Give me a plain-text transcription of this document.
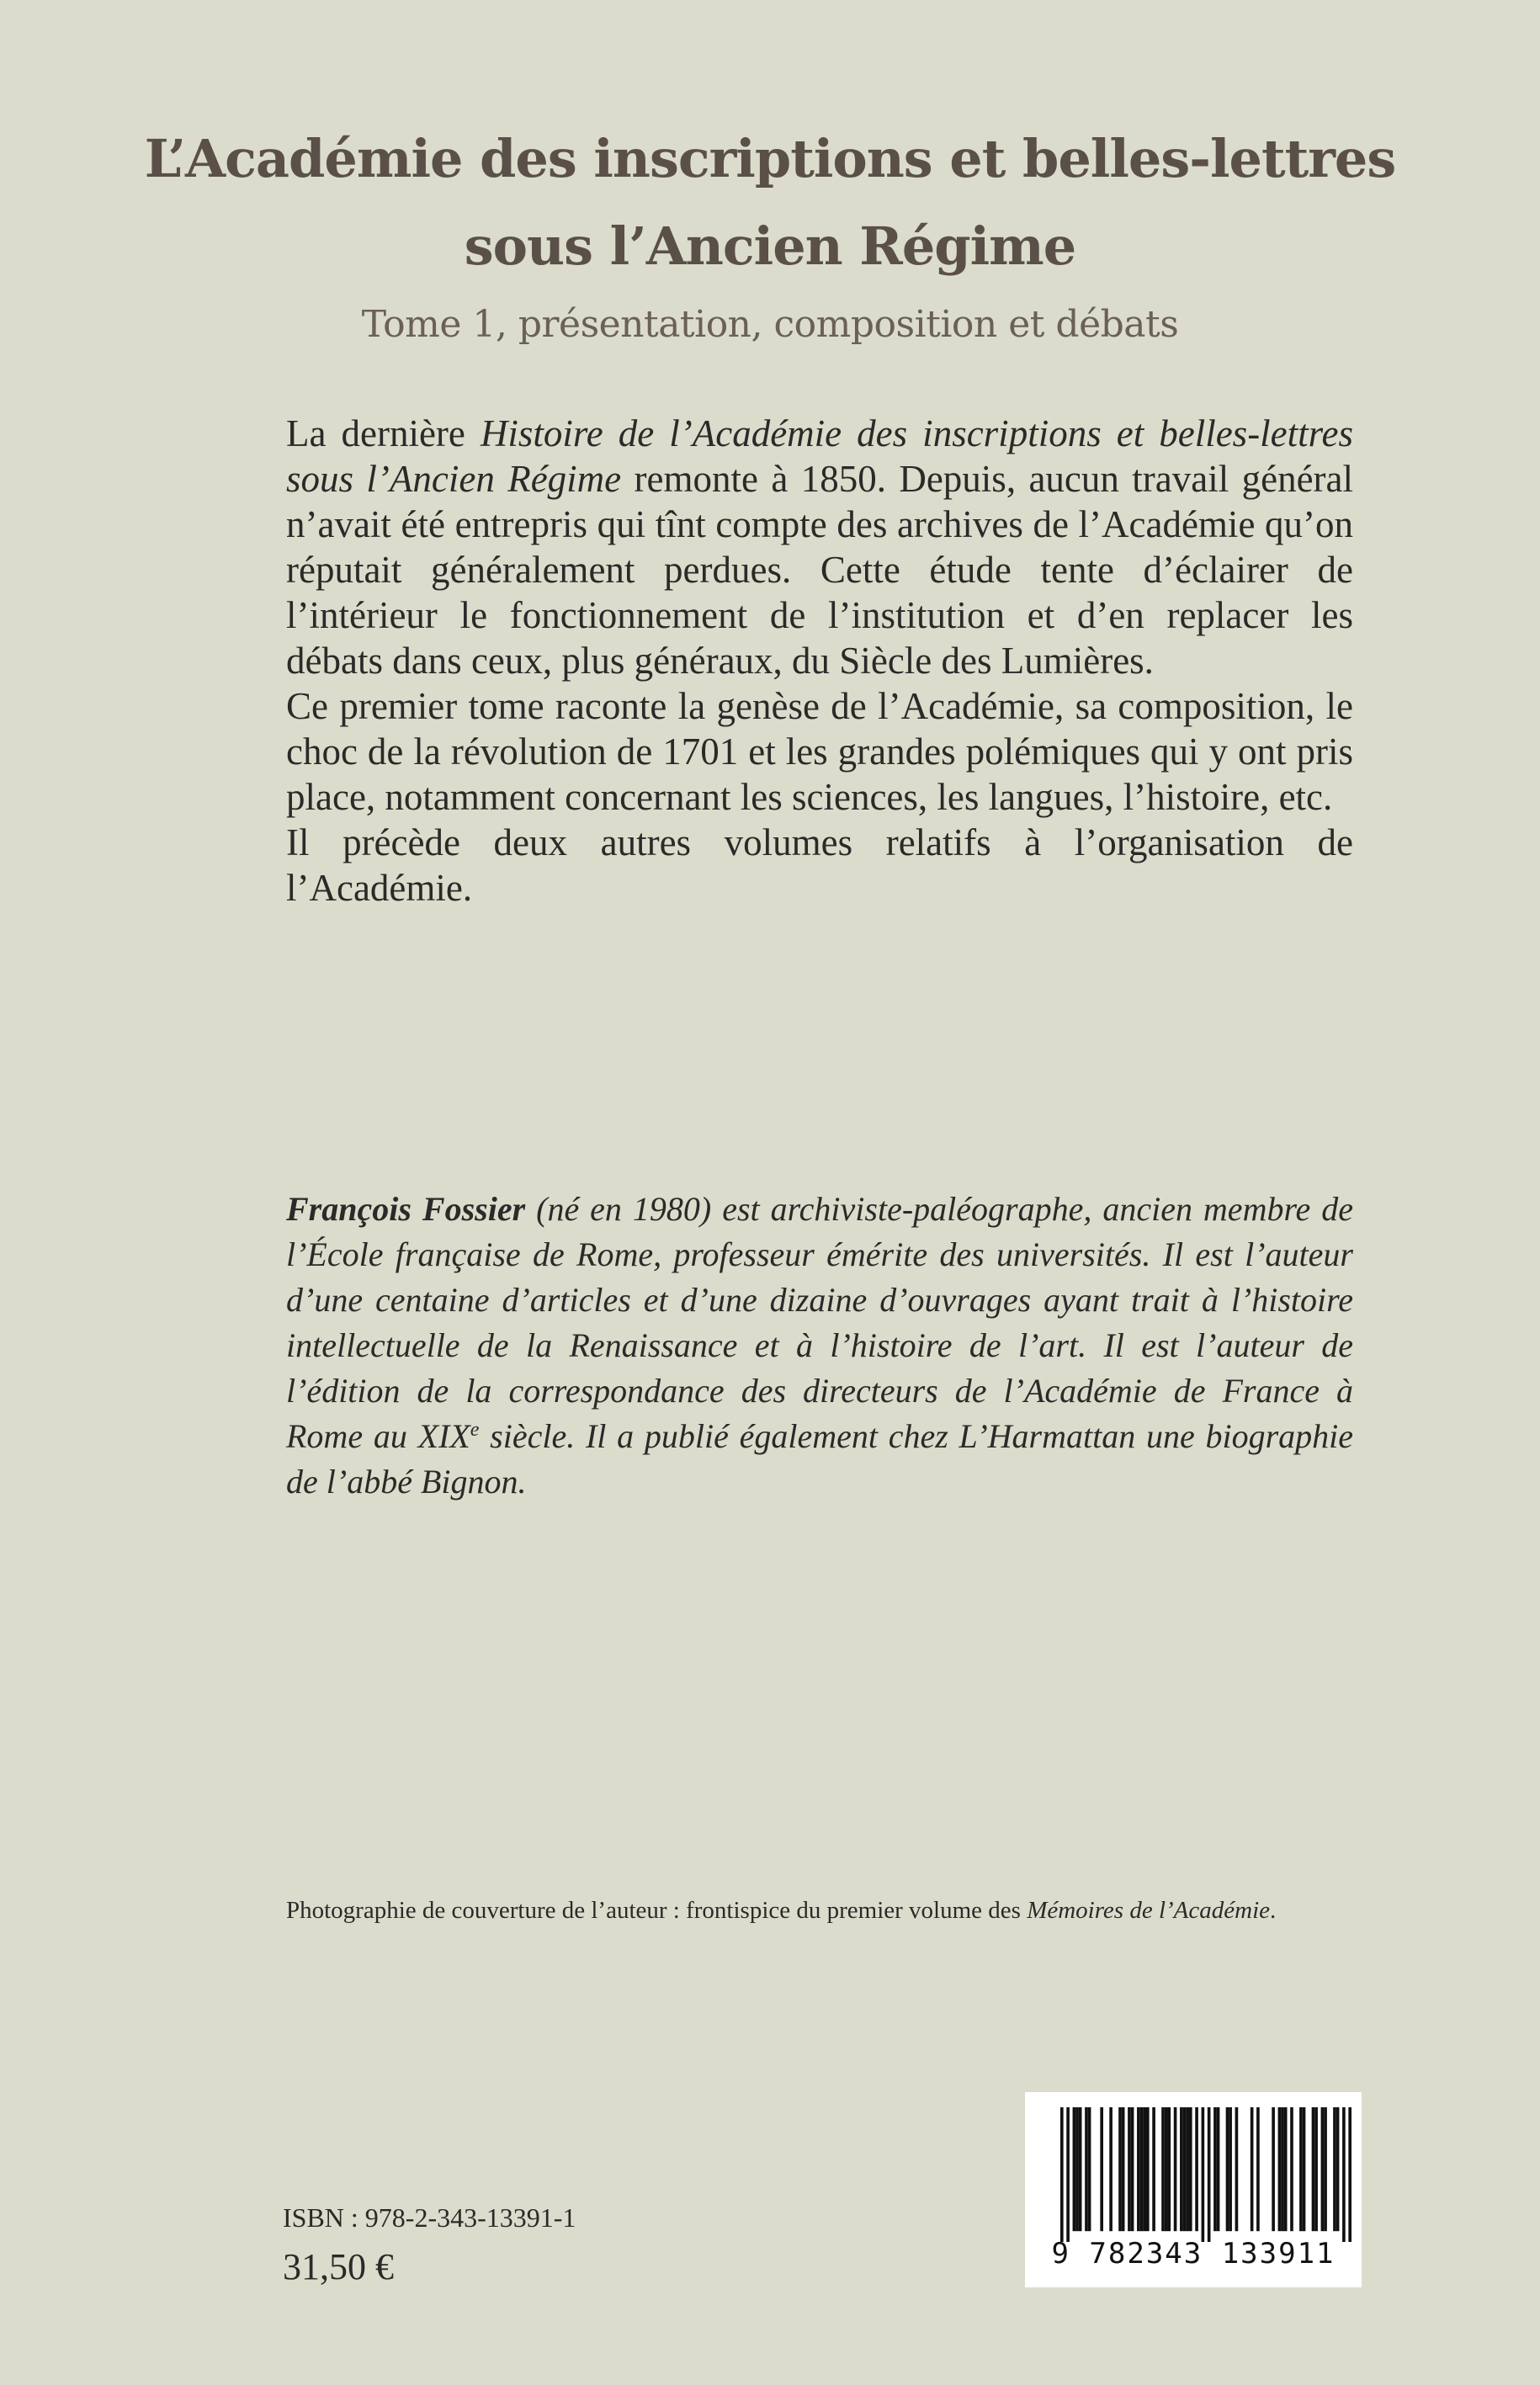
L’Académie des inscriptions et belles-lettres
sous l’Ancien Régime
Tome 1, présentation, composition et débats

La dernière Histoire de l’Académie des inscriptions et belles-lettres sous l’Ancien Régime remonte à 1850. Depuis, aucun travail général n’avait été entrepris qui tînt compte des archives de l’Académie qu’on réputait généralement perdues. Cette étude tente d’éclairer de l’intérieur le fonctionnement de l’institution et d’en replacer les débats dans ceux, plus généraux, du Siècle des Lumières.

Ce premier tome raconte la genèse de l’Académie, sa composition, le choc de la révolution de 1701 et les grandes polémiques qui y ont pris place, notamment concernant les sciences, les langues, l’histoire, etc.

Il précède deux autres volumes relatifs à l’organisation de l’Académie.

François Fossier (né en 1980) est archiviste-paléographe, ancien membre de l’École française de Rome, professeur émérite des universités. Il est l’auteur d’une centaine d’articles et d’une dizaine d’ouvrages ayant trait à l’histoire intellectuelle de la Renaissance et à l’histoire de l’art. Il est l’auteur de l’édition de la correspondance des directeurs de l’Académie de France à Rome au XIXe siècle. Il a publié également chez L’Harmattan une biographie de l’abbé Bignon.
Photographie de couverture de l’auteur : frontispice du premier volume des Mémoires de l’Académie.
ISBN : 978-2-343-13391-1
31,50 €	9 782343 133911
